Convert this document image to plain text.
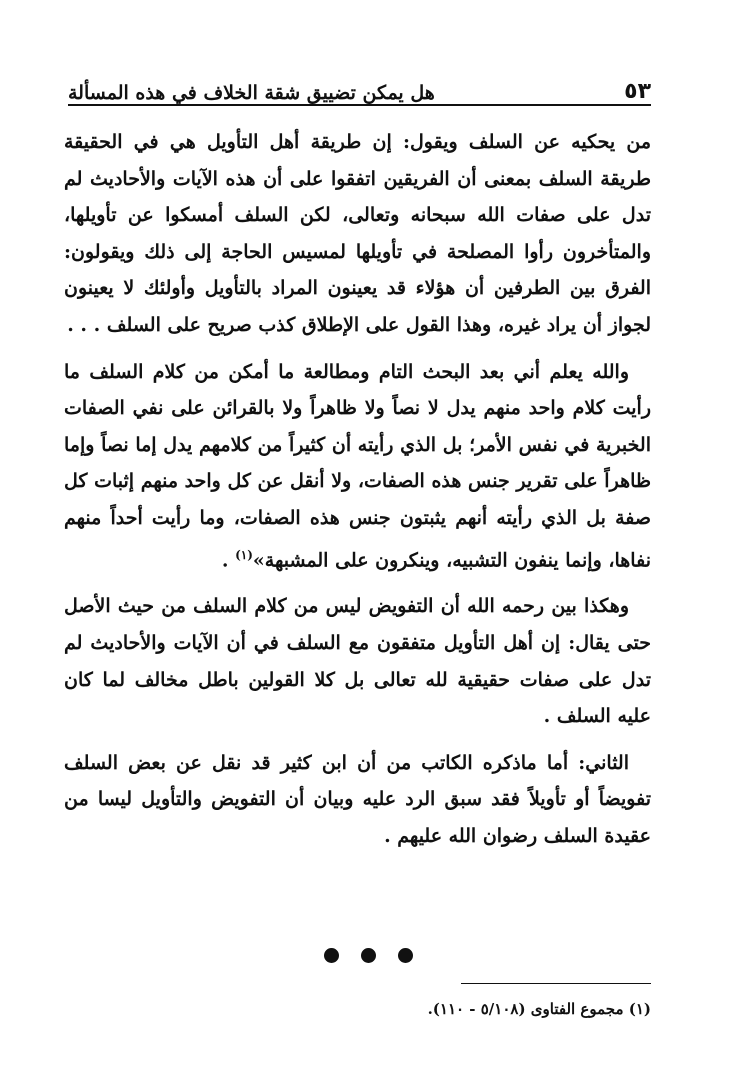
هل يمكن تضييق شقة الخلاف في هذه المسألة	٥٣

من يحكيه عن السلف ويقول: إن طريقة أهل التأويل هي في الحقيقة طريقة السلف بمعنى أن الفريقين اتفقوا على أن هذه الآيات والأحاديث لم تدل على صفات الله سبحانه وتعالى، لكن السلف أمسكوا عن تأويلها، والمتأخرون رأوا المصلحة في تأويلها لمسيس الحاجة إلى ذلك ويقولون: الفرق بين الطرفين أن هؤلاء قد يعينون المراد بالتأويل وأولئك لا يعينون لجواز أن يراد غيره، وهذا القول على الإطلاق كذب صريح على السلف . . .

والله يعلم أني بعد البحث التام ومطالعة ما أمكن من كلام السلف ما رأيت كلام واحد منهم يدل لا نصاً ولا ظاهراً ولا بالقرائن على نفي الصفات الخبرية في نفس الأمر؛ بل الذي رأيته أن كثيراً من كلامهم يدل إما نصاً وإما ظاهراً على تقرير جنس هذه الصفات، ولا أنقل عن كل واحد منهم إثبات كل صفة بل الذي رأيته أنهم يثبتون جنس هذه الصفات، وما رأيت أحداً منهم نفاها، وإنما ينفون التشبيه، وينكرون على المشبهة»$^{(١)}$ .

وهكذا بين رحمه الله أن التفويض ليس من كلام السلف من حيث الأصل حتى يقال: إن أهل التأويل متفقون مع السلف في أن الآيات والأحاديث لم تدل على صفات حقيقية لله تعالى بل كلا القولين باطل مخالف لما كان عليه السلف .

الثاني: أما ماذكره الكاتب من أن ابن كثير قد نقل عن بعض السلف تفويضاً أو تأويلاً فقد سبق الرد عليه وبيان أن التفويض والتأويل ليسا من عقيدة السلف رضوان الله عليهم .

(١) مجموع الفتاوى (٥/١٠٨ - ١١٠).
